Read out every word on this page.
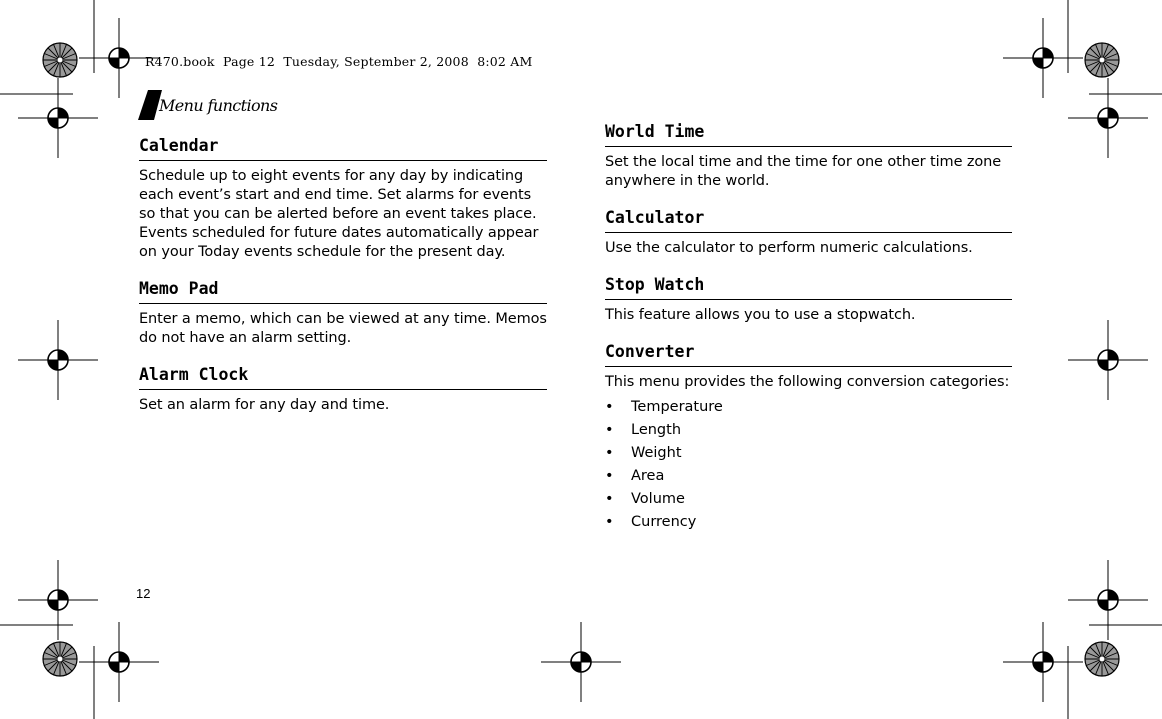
R470.book  Page 12  Tuesday, September 2, 2008  8:02 AM
Menu functions
Calendar

Schedule up to eight events for any day by indicating each event’s start and end time. Set alarms for events so that you can be alerted before an event takes place. Events scheduled for future dates automatically appear on your Today events schedule for the present day.

Memo Pad

Enter a memo, which can be viewed at any time. Memos do not have an alarm setting.

Alarm Clock

Set an alarm for any day and time.

World Time

Set the local time and the time for one other time zone anywhere in the world.

Calculator

Use the calculator to perform numeric calculations.

Stop Watch

This feature allows you to use a stopwatch.

Converter

This menu provides the following conversion categories:

• Temperature
• Length
• Weight
• Area
• Volume
• Currency
12
